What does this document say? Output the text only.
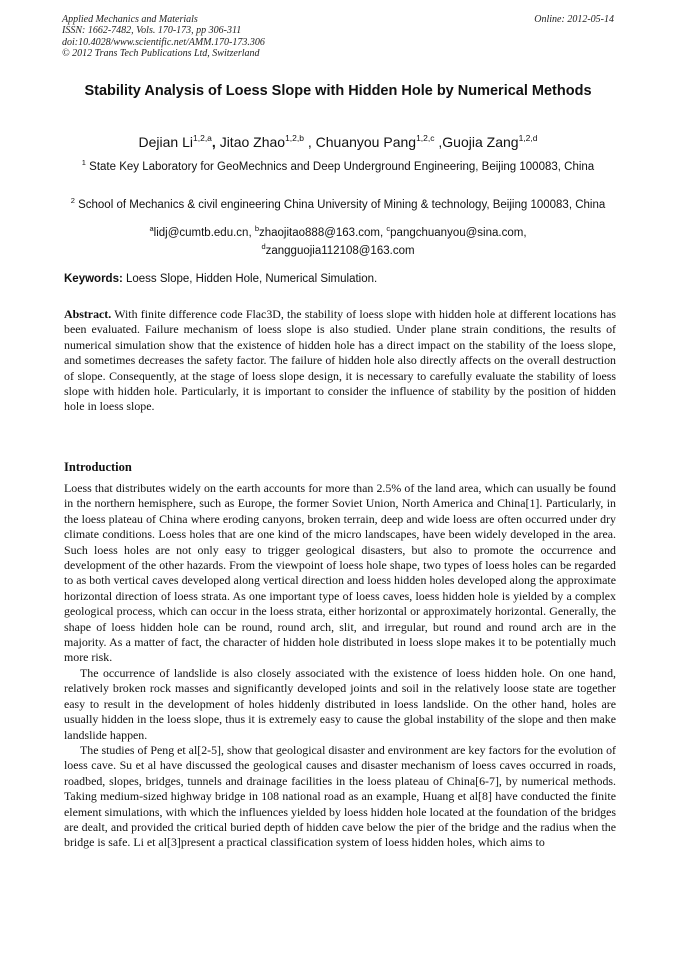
Applied Mechanics and Materials
ISSN: 1662-7482, Vols. 170-173, pp 306-311
doi:10.4028/www.scientific.net/AMM.170-173.306
© 2012 Trans Tech Publications Ltd, Switzerland
Online: 2012-05-14
Stability Analysis of Loess Slope with Hidden Hole by Numerical Methods
Dejian Li$^{1,2,a}$, Jitao Zhao$^{1,2,b}$ , Chuanyou Pang$^{1,2,c}$ ,Guojia Zang$^{1,2,d}$
$^1$ State Key Laboratory for GeoMechnics and Deep Underground Engineering, Beijing 100083, China
$^2$ School of Mechanics & civil engineering China University of Mining & technology, Beijing 100083, China
$^a$lidj@cumtb.edu.cn, $^b$zhaojitao888@163.com, $^c$pangchuanyou@sina.com,
$^d$zangguojia112108@163.com
Keywords: Loess Slope, Hidden Hole, Numerical Simulation.
Abstract. With finite difference code Flac3D, the stability of loess slope with hidden hole at different locations has been evaluated. Failure mechanism of loess slope is also studied. Under plane strain conditions, the results of numerical simulation show that the existence of hidden hole has a direct impact on the stability of the loess slope, and sometimes decreases the safety factor. The failure of hidden hole also directly affects on the overall destruction of slope. Consequently, at the stage of loess slope design, it is necessary to carefully evaluate the stability of loess slope with hidden hole. Particularly, it is important to consider the influence of stability by the position of hidden hole in loess slope.
Introduction

Loess that distributes widely on the earth accounts for more than 2.5% of the land area, which can usually be found in the northern hemisphere, such as Europe, the former Soviet Union, North America and China[1]. Particularly, in the loess plateau of China where eroding canyons, broken terrain, deep and wide loess are often occurred under dry climate conditions. Loess holes that are one kind of the micro landscapes, have been widely developed in the area. Such loess holes are not only easy to trigger geological disasters, but also to promote the occurrence and development of the other hazards. From the viewpoint of loess hole shape, two types of loess holes can be regarded to as both vertical caves developed along vertical direction and loess hidden holes developed along the approximate horizontal direction of loess strata. As one important type of loess caves, loess hidden hole is yielded by a complex geological process, which can occur in the loess strata, either horizontal or approximately horizontal. Generally, the shape of loess hidden hole can be round, round arch, slit, and irregular, but round and round arch are in the majority. As a matter of fact, the character of hidden hole distributed in loess slope makes it to be potentially much more risk.

The occurrence of landslide is also closely associated with the existence of loess hidden hole. On one hand, relatively broken rock masses and significantly developed joints and soil in the relatively loose state are together easy to result in the development of holes hiddenly distributed in loess landslide. On the other hand, holes are usually hidden in the loess slope, thus it is extremely easy to cause the global instability of the slope and then make landslide happen.

The studies of Peng et al[2-5], show that geological disaster and environment are key factors for the evolution of loess cave. Su et al have discussed the geological causes and disaster mechanism of loess caves occurred in roads, roadbed, slopes, bridges, tunnels and drainage facilities in the loess plateau of China[6-7], by numerical methods. Taking medium-sized highway bridge in 108 national road as an example, Huang et al[8] have conducted the finite element simulations, with which the influences yielded by loess hidden hole located at the foundation of the bridges are dealt, and provided the critical buried depth of hidden cave below the pier of the bridge and the radius when the bridge is safe. Li et al[3]present a practical classification system of loess hidden holes, which aims to
